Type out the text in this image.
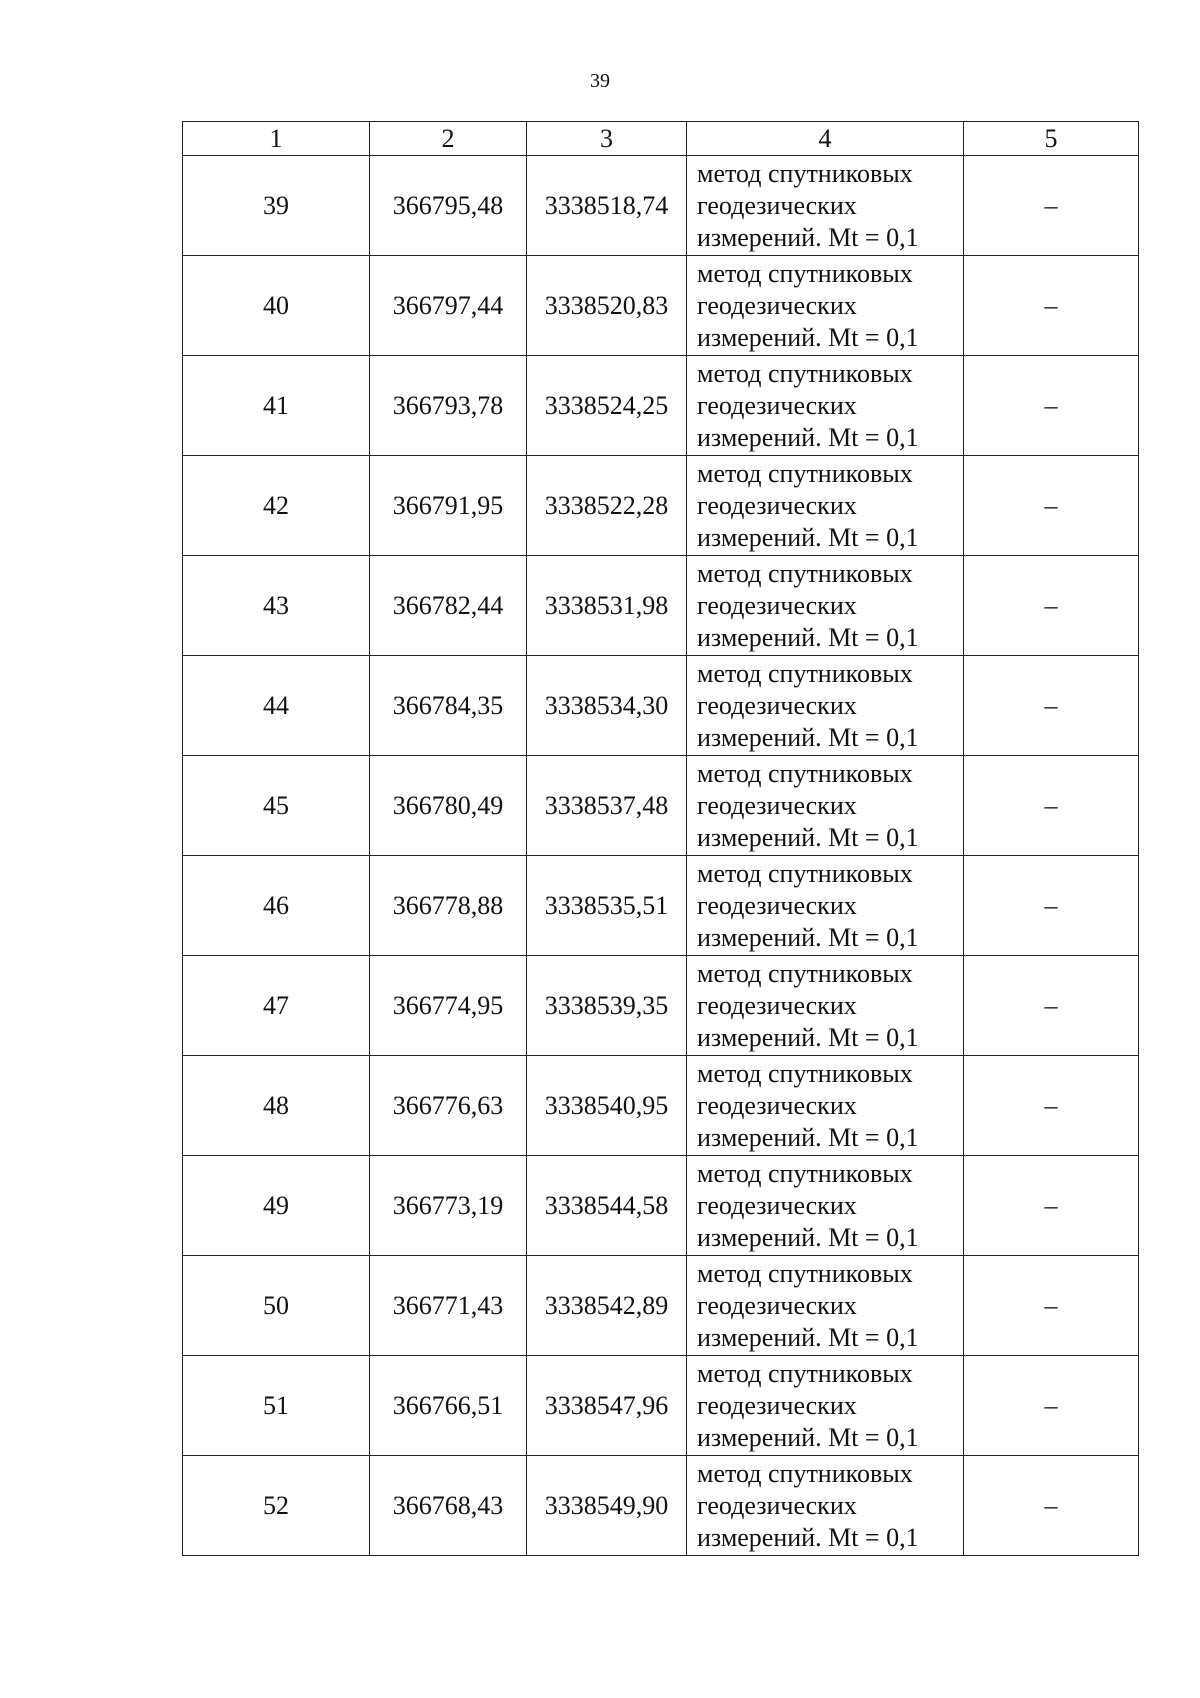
39
1	2	3	4	5
39	366795,48	3338518,74	метод спутниковых
геодезических
измерений. Mt = 0,1	–
40	366797,44	3338520,83	метод спутниковых
геодезических
измерений. Mt = 0,1	–
41	366793,78	3338524,25	метод спутниковых
геодезических
измерений. Mt = 0,1	–
42	366791,95	3338522,28	метод спутниковых
геодезических
измерений. Mt = 0,1	–
43	366782,44	3338531,98	метод спутниковых
геодезических
измерений. Mt = 0,1	–
44	366784,35	3338534,30	метод спутниковых
геодезических
измерений. Mt = 0,1	–
45	366780,49	3338537,48	метод спутниковых
геодезических
измерений. Mt = 0,1	–
46	366778,88	3338535,51	метод спутниковых
геодезических
измерений. Mt = 0,1	–
47	366774,95	3338539,35	метод спутниковых
геодезических
измерений. Mt = 0,1	–
48	366776,63	3338540,95	метод спутниковых
геодезических
измерений. Mt = 0,1	–
49	366773,19	3338544,58	метод спутниковых
геодезических
измерений. Mt = 0,1	–
50	366771,43	3338542,89	метод спутниковых
геодезических
измерений. Mt = 0,1	–
51	366766,51	3338547,96	метод спутниковых
геодезических
измерений. Mt = 0,1	–
52	366768,43	3338549,90	метод спутниковых
геодезических
измерений. Mt = 0,1	–
